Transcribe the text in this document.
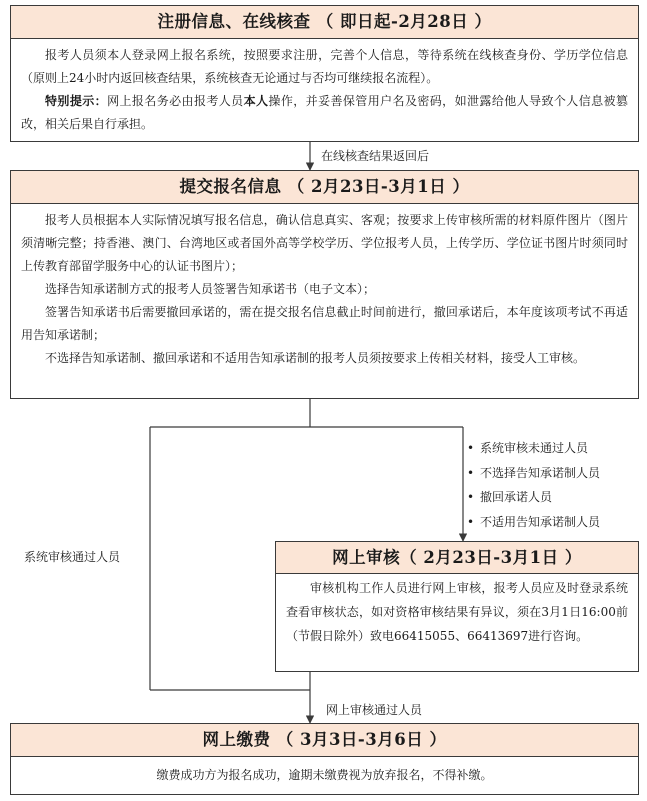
注册信息、在线核查 （ 即日起-2月28日 ）

报考人员须本人登录网上报名系统，按照要求注册，完善个人信息，等待系统在线核查身份、学历学位信息（原则上24小时内返回核查结果，系统核查无论通过与否均可继续报名流程）。

特别提示：网上报名务必由报考人员本人操作，并妥善保管用户名及密码，如泄露给他人导致个人信息被篡改，相关后果自行承担。

在线核查结果返回后
提交报名信息 （ 2月23日-3月1日 ）

报考人员根据本人实际情况填写报名信息，确认信息真实、客观；按要求上传审核所需的材料原件图片（图片须清晰完整；持香港、澳门、台湾地区或者国外高等学校学历、学位报考人员，上传学历、学位证书图片时须同时上传教育部留学服务中心的认证书图片）；

选择告知承诺制方式的报考人员签署告知承诺书（电子文本）；

签署告知承诺书后需要撤回承诺的，需在提交报名信息截止时间前进行，撤回承诺后，本年度该项考试不再适用告知承诺制；

不选择告知承诺制、撤回承诺和不适用告知承诺制的报考人员须按要求上传相关材料，接受人工审核。

• 系统审核未通过人员
• 不选择告知承诺制人员
• 撤回承诺人员
• 不适用告知承诺制人员
系统审核通过人员	网上审核（ 2月23日-3月1日 ）

审核机构工作人员进行网上审核，报考人员应及时登录系统查看审核状态，如对资格审核结果有异议，须在3月1日16:00前（节假日除外）致电66415055、66413697进行咨询。

网上审核通过人员
网上缴费 （ 3月3日-3月6日 ）

缴费成功方为报名成功，逾期未缴费视为放弃报名，不得补缴。
